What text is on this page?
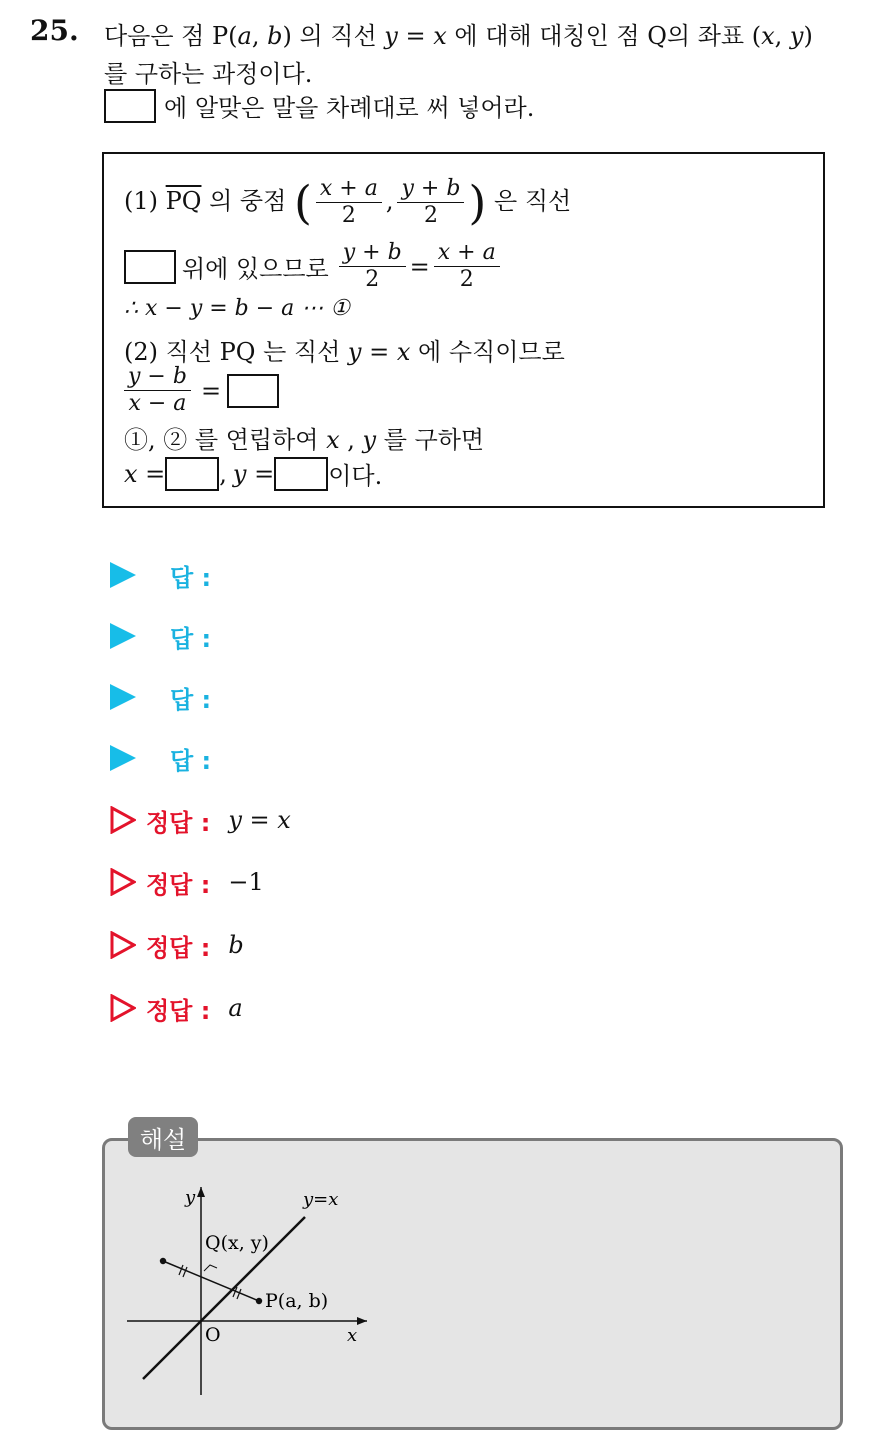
25. 다음은 점 P(a, b) 의 직선 y = x 에 대해 대칭인 점 Q의 좌표 (x, y)
를 구하는 과정이다.
에 알맞은 말을 차례대로 써 넣어라.
(1) $\overline{PQ}$ 의 중점 ( $\frac{x + a}{2}$ , $\frac{y + b}{2}$ ) 은 직선
위에 있으므로 $\frac{y + b}{2} = \frac{x + a}{2}$
∴ x − y = b − a ⋯ ①
(2) 직선 PQ 는 직선 y = x 에 수직이므로
$\frac{y - b}{x - a}$ =
①, ② 를 연립하여 x , y 를 구하면
x = , y = 이다.
답 :
답 :
답 :
답 :
정답 : y = x
정답 : −1
정답 : b
정답 : a
y	y=x
Q(x, y)
P(a, b)
O	x
해설
